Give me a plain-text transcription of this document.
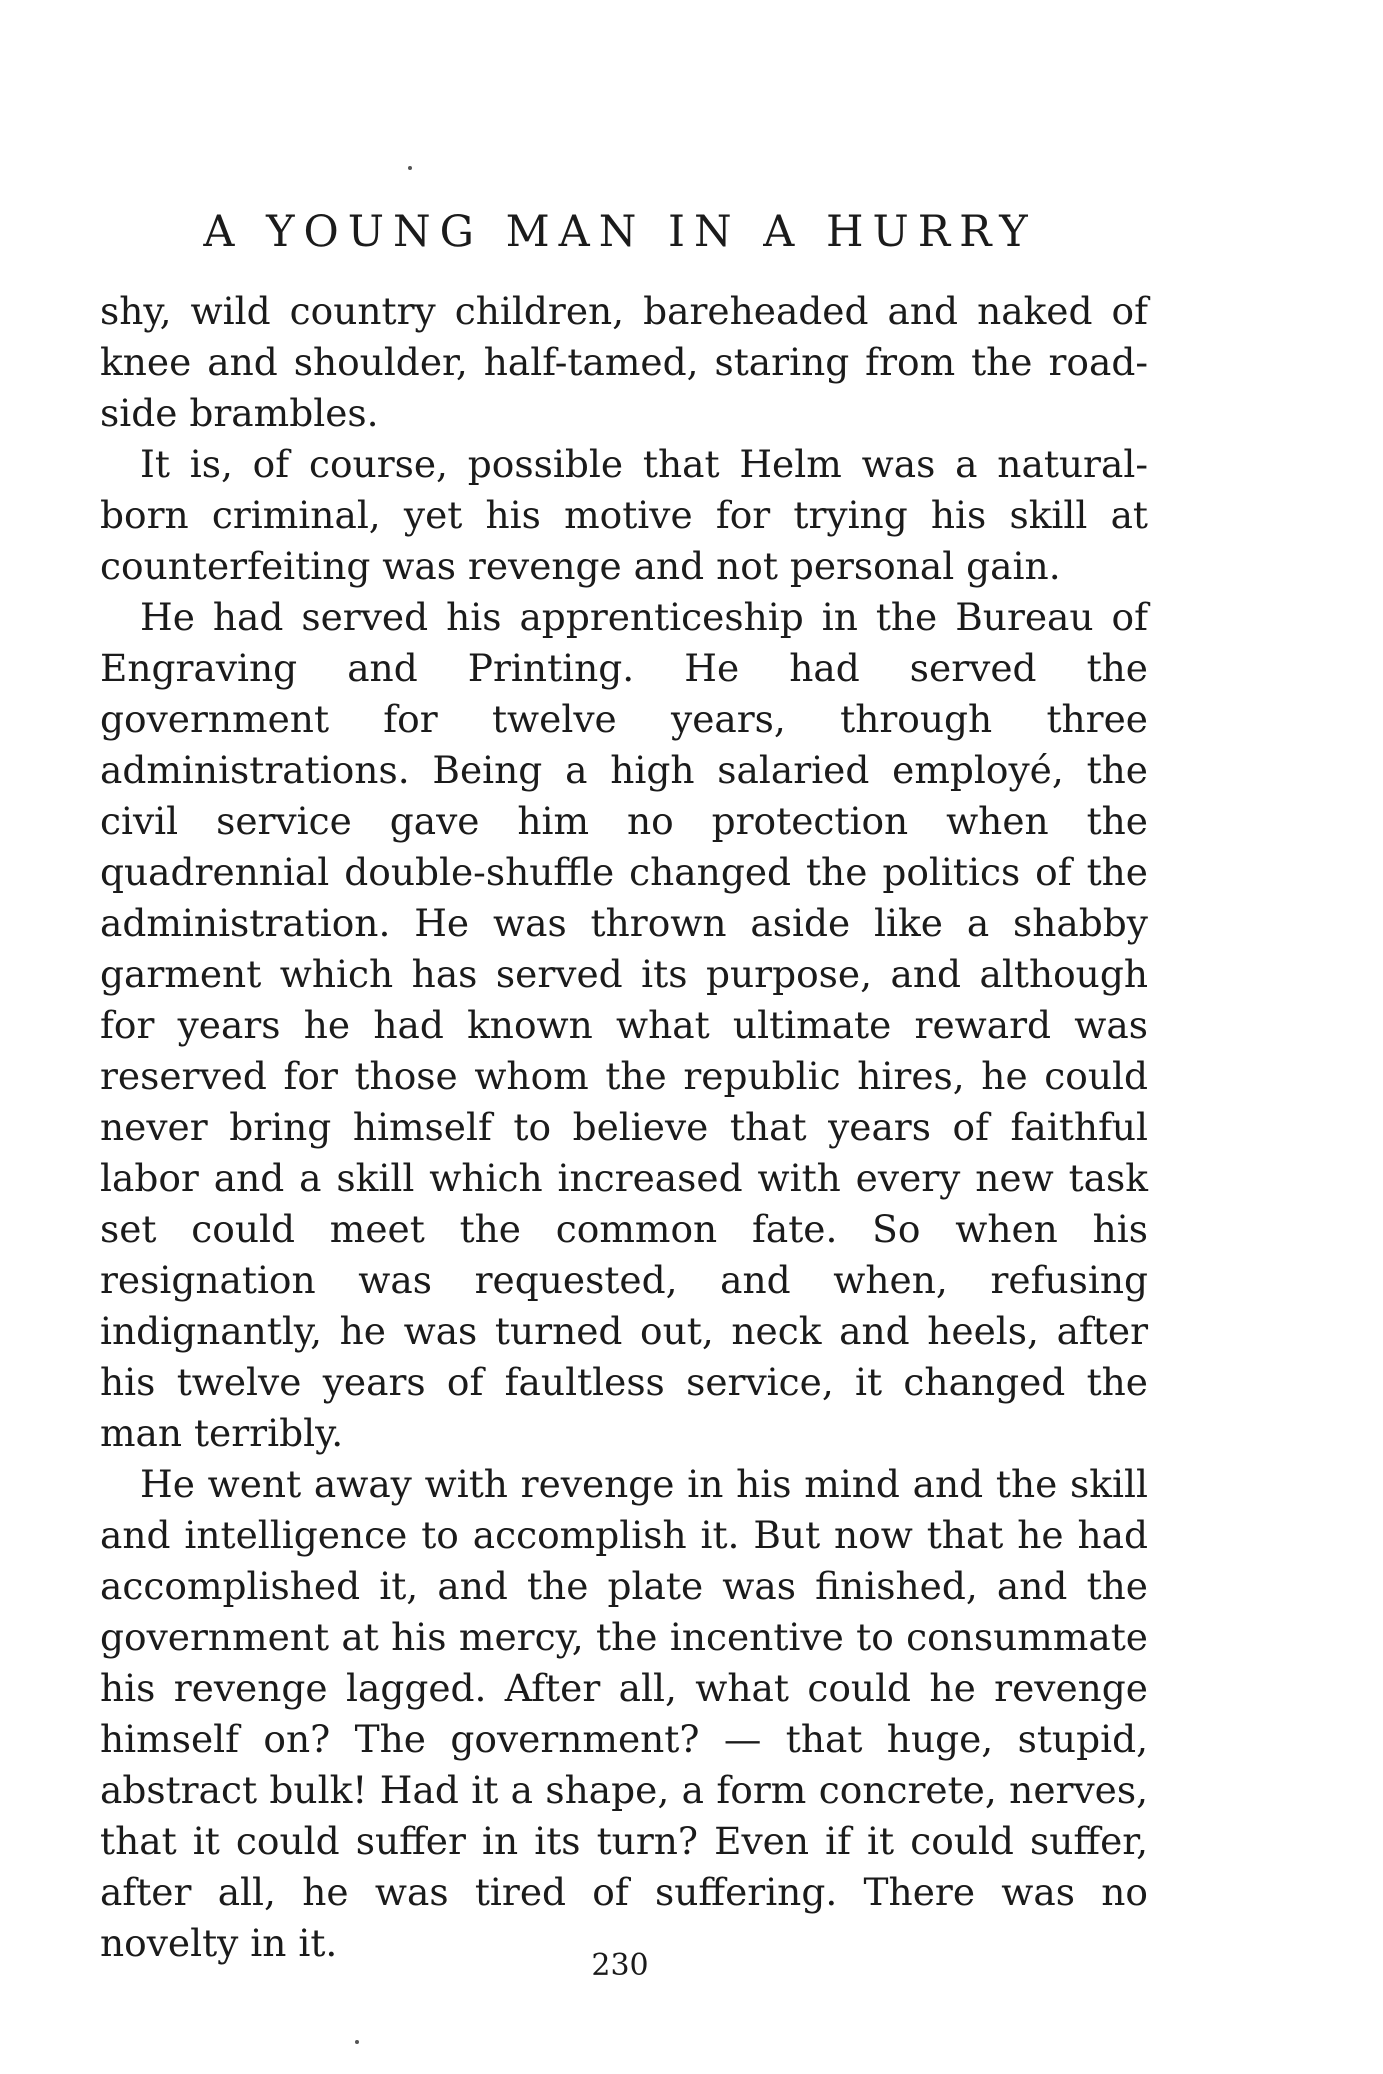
A YOUNG MAN IN A HURRY

shy, wild country children, bareheaded and naked of knee and shoulder, half-tamed, staring from the road-side brambles.

It is, of course, possible that Helm was a natural-born criminal, yet his motive for trying his skill at counterfeiting was revenge and not personal gain.

He had served his apprenticeship in the Bureau of Engraving and Printing. He had served the government for twelve years, through three administrations. Being a high salaried employé, the civil service gave him no protection when the quadrennial double-shuffle changed the politics of the administration. He was thrown aside like a shabby garment which has served its purpose, and although for years he had known what ultimate reward was reserved for those whom the republic hires, he could never bring himself to believe that years of faithful labor and a skill which increased with every new task set could meet the common fate. So when his resignation was requested, and when, refusing indignantly, he was turned out, neck and heels, after his twelve years of faultless service, it changed the man terribly.

He went away with revenge in his mind and the skill and intelligence to accomplish it. But now that he had accomplished it, and the plate was finished, and the government at his mercy, the incentive to consummate his revenge lagged. After all, what could he revenge himself on? The government? — that huge, stupid, abstract bulk! Had it a shape, a form concrete, nerves, that it could suffer in its turn? Even if it could suffer, after all, he was tired of suffering. There was no novelty in it.

230
